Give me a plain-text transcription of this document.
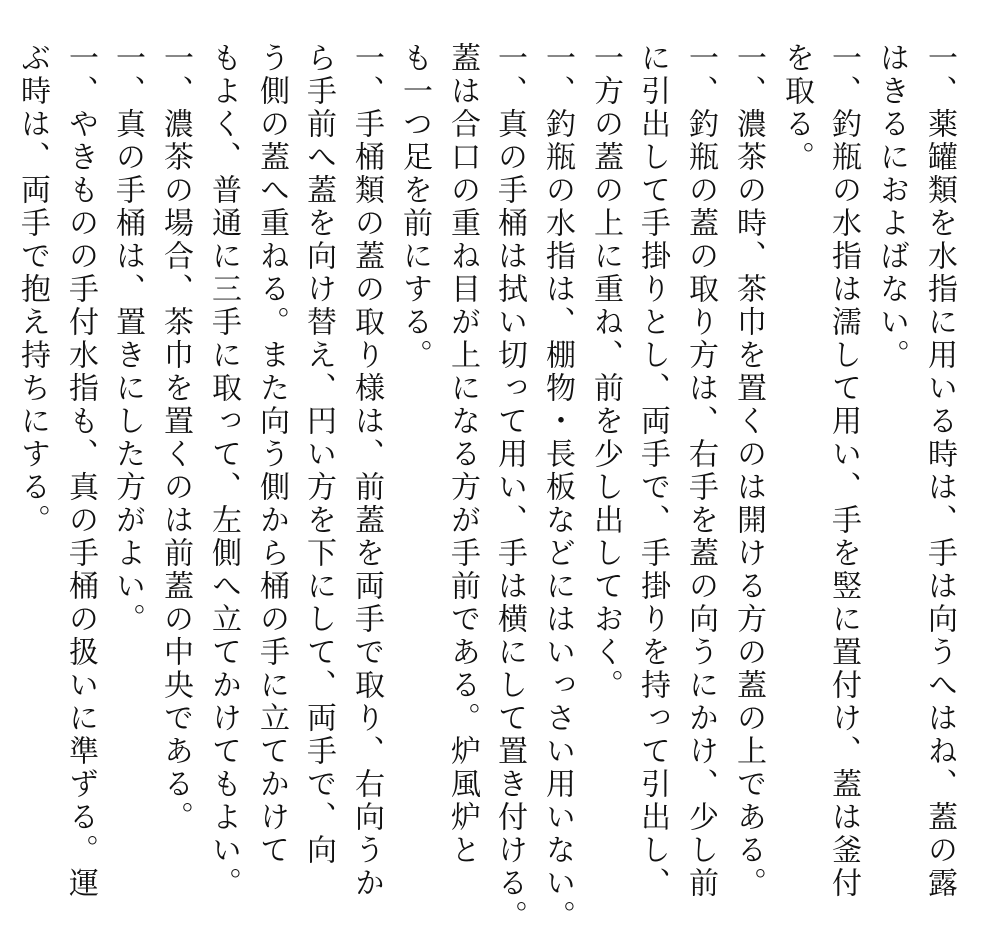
一、薬罐類を水指に用いる時は、手は向うへはね、蓋の露
はきるにおよばない。
一、釣瓶の水指は濡して用い、手を竪に置付け、蓋は釜付
を取る。
一、濃茶の時、茶巾を置くのは開ける方の蓋の上である。
一、釣瓶の蓋の取り方は、右手を蓋の向うにかけ、少し前
に引出して手掛りとし、両手で、手掛りを持って引出し、
一方の蓋の上に重ね、前を少し出しておく。
一、釣瓶の水指は、棚物・長板などにはいっさい用いない。
一、真の手桶は拭い切って用い、手は横にして置き付ける。
蓋は合口の重ね目が上になる方が手前である。炉風炉と
も一つ足を前にする。
一、手桶類の蓋の取り様は、前蓋を両手で取り、右向うか
ら手前へ蓋を向け替え、円い方を下にして、両手で、向
う側の蓋へ重ねる。また向う側から桶の手に立てかけて
もよく、普通に三手に取って、左側へ立てかけてもよい。
一、濃茶の場合、茶巾を置くのは前蓋の中央である。
一、真の手桶は、置きにした方がよい。
一、やきものの手付水指も、真の手桶の扱いに準ずる。運
ぶ時は、両手で抱え持ちにする。
